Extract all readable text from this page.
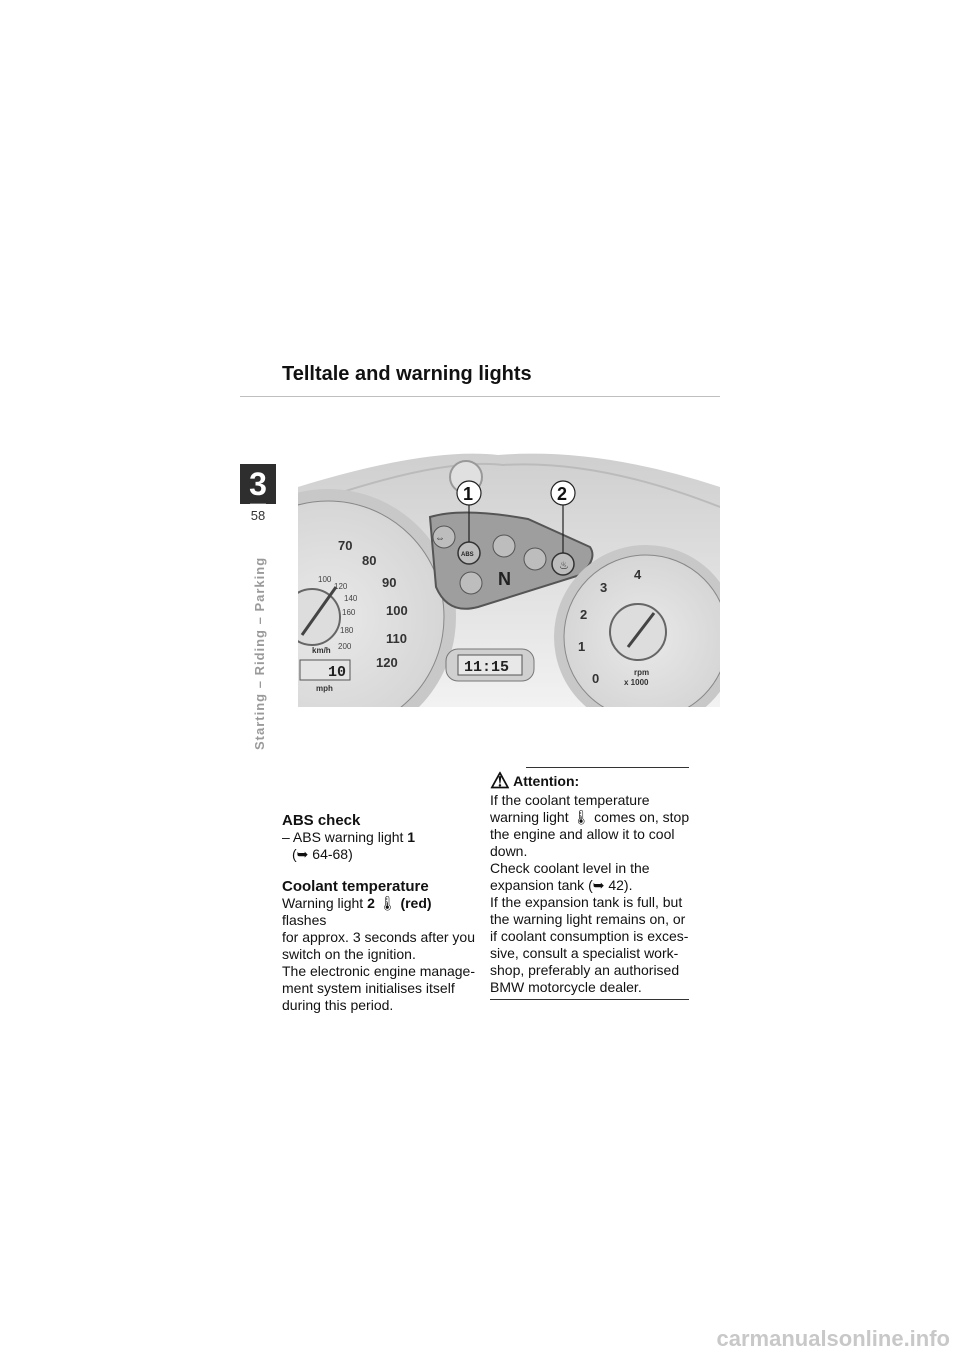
Telltale and warning lights
3
58
Starting – Riding – Parking
70
80
90
100
110
120
100
120
140
160
180
200
km/h
10
mph
⇔
ABS
♨
N
1	2
11:15
0
1
2
3
4
rpm
x 1000
ABS check
– ABS warning light 1
(➥ 64-68)
Coolant temperature
Warning light 2 🌡 (red) flashes
for approx. 3 seconds after you
switch on the ignition.
The electronic engine manage-
ment system initialises itself
during this period.
⚠ Attention:
If the coolant temperature
warning light 🌡 comes on, stop
the engine and allow it to cool
down.
Check coolant level in the
expansion tank (➥ 42).
If the expansion tank is full, but
the warning light remains on, or
if coolant consumption is exces-
sive, consult a specialist work-
shop, preferably an authorised
BMW motorcycle dealer.
carmanualsonline.info
